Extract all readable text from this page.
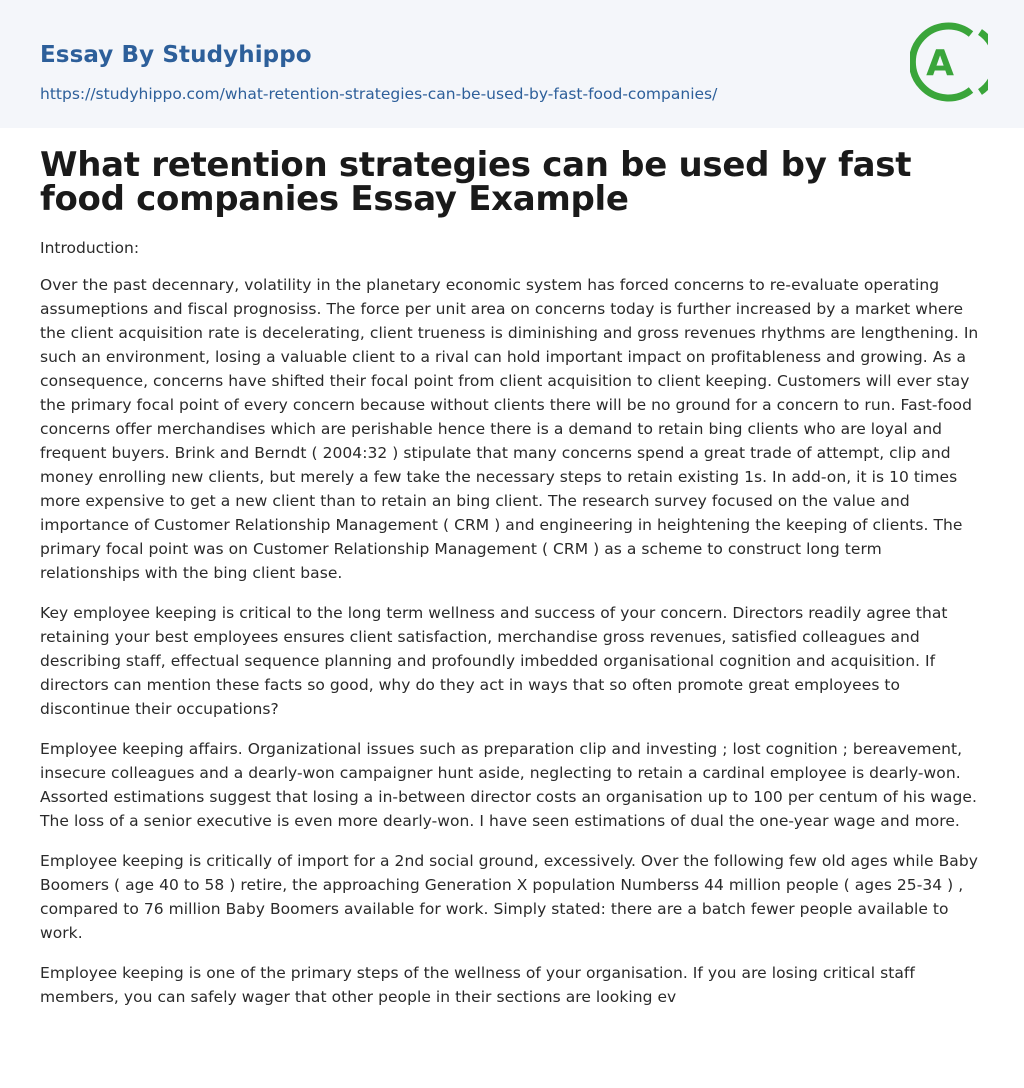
Essay By Studyhippo
https://studyhippo.com/what-retention-strategies-can-be-used-by-fast-food-companies/
A
What retention strategies can be used by fast food companies Essay Example

Introduction:

Over the past decennary, volatility in the planetary economic system has forced concerns to re-evaluate operating assumeptions and fiscal prognosiss. The force per unit area on concerns today is further increased by a market where the client acquisition rate is decelerating, client trueness is diminishing and gross revenues rhythms are lengthening. In such an environment, losing a valuable client to a rival can hold important impact on profitableness and growing. As a consequence, concerns have shifted their focal point from client acquisition to client keeping. Customers will ever stay the primary focal point of every concern because without clients there will be no ground for a concern to run. Fast-food concerns offer merchandises which are perishable hence there is a demand to retain bing clients who are loyal and frequent buyers. Brink and Berndt ( 2004:32 ) stipulate that many concerns spend a great trade of attempt, clip and money enrolling new clients, but merely a few take the necessary steps to retain existing 1s. In add-on, it is 10 times more expensive to get a new client than to retain an bing client. The research survey focused on the value and importance of Customer Relationship Management ( CRM ) and engineering in heightening the keeping of clients. The primary focal point was on Customer Relationship Management ( CRM ) as a scheme to construct long term relationships with the bing client base.

Key employee keeping is critical to the long term wellness and success of your concern. Directors readily agree that retaining your best employees ensures client satisfaction, merchandise gross revenues, satisfied colleagues and describing staff, effectual sequence planning and profoundly imbedded organisational cognition and acquisition. If directors can mention these facts so good, why do they act in ways that so often promote great employees to discontinue their occupations?

Employee keeping affairs. Organizational issues such as preparation clip and investing ; lost cognition ; bereavement, insecure colleagues and a dearly-won campaigner hunt aside, neglecting to retain a cardinal employee is dearly-won. Assorted estimations suggest that losing a in-between director costs an organisation up to 100 per centum of his wage. The loss of a senior executive is even more dearly-won. I have seen estimations of dual the one-year wage and more.

Employee keeping is critically of import for a 2nd social ground, excessively. Over the following few old ages while Baby Boomers ( age 40 to 58 ) retire, the approaching Generation X population Numberss 44 million people ( ages 25-34 ) , compared to 76 million Baby Boomers available for work. Simply stated: there are a batch fewer people available to work.

Employee keeping is one of the primary steps of the wellness of your organisation. If you are losing critical staff members, you can safely wager that other people in their sections are looking ev
